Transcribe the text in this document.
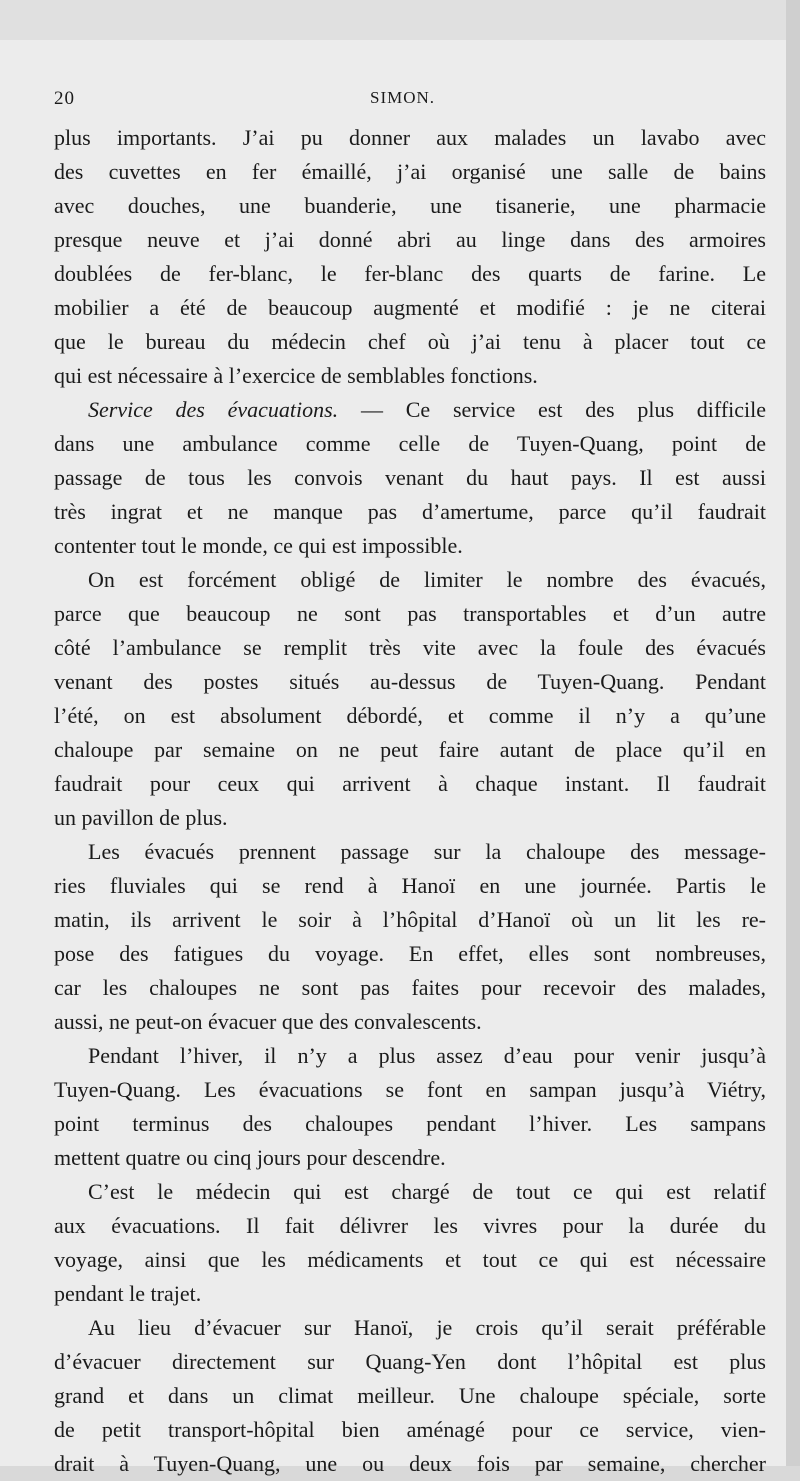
20	SIMON.
plus importants. J’ai pu donner aux malades un lavabo avec
des cuvettes en fer émaillé, j’ai organisé une salle de bains
avec douches, une buanderie, une tisanerie, une pharmacie
presque neuve et j’ai donné abri au linge dans des armoires
doublées de fer-blanc, le fer-blanc des quarts de farine. Le
mobilier a été de beaucoup augmenté et modifié : je ne citerai
que le bureau du médecin chef où j’ai tenu à placer tout ce
qui est nécessaire à l’exercice de semblables fonctions.
Service des évacuations. — Ce service est des plus difficile
dans une ambulance comme celle de Tuyen-Quang, point de
passage de tous les convois venant du haut pays. Il est aussi
très ingrat et ne manque pas d’amertume, parce qu’il faudrait
contenter tout le monde, ce qui est impossible.
On est forcément obligé de limiter le nombre des évacués,
parce que beaucoup ne sont pas transportables et d’un autre
côté l’ambulance se remplit très vite avec la foule des évacués
venant des postes situés au-dessus de Tuyen-Quang. Pendant
l’été, on est absolument débordé, et comme il n’y a qu’une
chaloupe par semaine on ne peut faire autant de place qu’il en
faudrait pour ceux qui arrivent à chaque instant. Il faudrait
un pavillon de plus.
Les évacués prennent passage sur la chaloupe des message-
ries fluviales qui se rend à Hanoï en une journée. Partis le
matin, ils arrivent le soir à l’hôpital d’Hanoï où un lit les re-
pose des fatigues du voyage. En effet, elles sont nombreuses,
car les chaloupes ne sont pas faites pour recevoir des malades,
aussi, ne peut-on évacuer que des convalescents.
Pendant l’hiver, il n’y a plus assez d’eau pour venir jusqu’à
Tuyen-Quang. Les évacuations se font en sampan jusqu’à Viétry,
point terminus des chaloupes pendant l’hiver. Les sampans
mettent quatre ou cinq jours pour descendre.
C’est le médecin qui est chargé de tout ce qui est relatif
aux évacuations. Il fait délivrer les vivres pour la durée du
voyage, ainsi que les médicaments et tout ce qui est nécessaire
pendant le trajet.
Au lieu d’évacuer sur Hanoï, je crois qu’il serait préférable
d’évacuer directement sur Quang-Yen dont l’hôpital est plus
grand et dans un climat meilleur. Une chaloupe spéciale, sorte
de petit transport-hôpital bien aménagé pour ce service, vien-
drait à Tuyen-Quang, une ou deux fois par semaine, chercher
